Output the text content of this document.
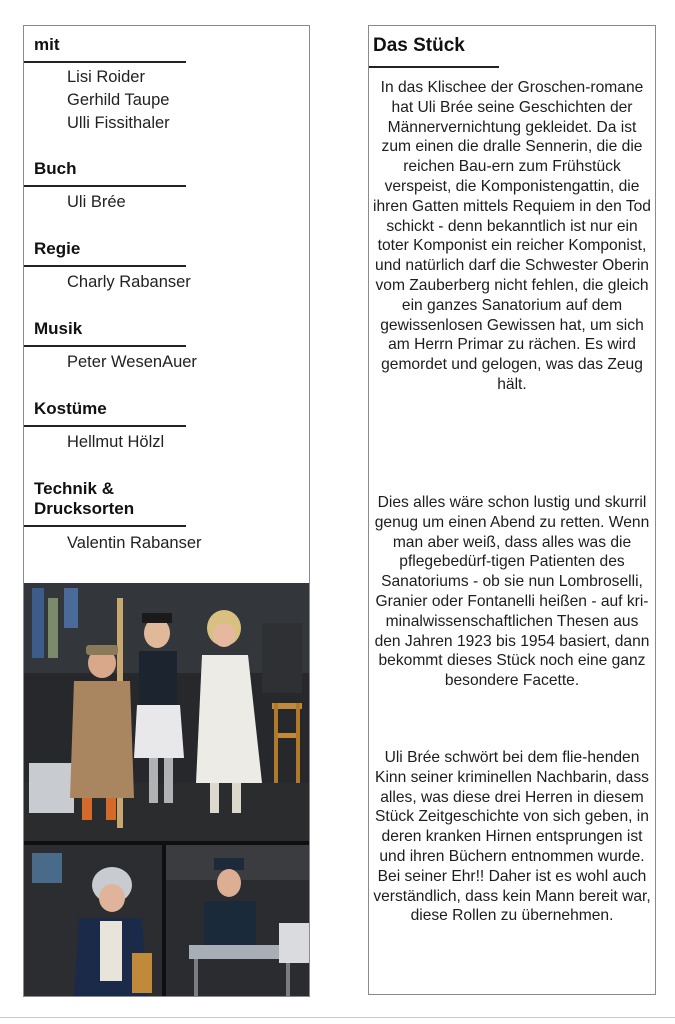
mit
Lisi Roider
Gerhild Taupe
Ulli Fissithaler
Buch
Uli Brée
Regie
Charly Rabanser
Musik
Peter WesenAuer
Kostüme
Hellmut Hölzl
Technik & Drucksorten
Valentin Rabanser
Das Stück
In das Klischee der Groschen-romane hat Uli Brée seine Geschichten der Männervernichtung gekleidet. Da ist zum einen die dralle Sennerin, die die reichen Bau-ern zum Frühstück verspeist, die Komponistengattin, die ihren Gatten mittels Requiem in den Tod schickt - denn bekanntlich ist nur ein toter Komponist ein reicher Komponist, und natürlich darf die Schwester Oberin vom Zauberberg nicht fehlen, die gleich ein ganzes Sanatorium auf dem gewissenlosen Gewissen hat, um sich am Herrn Primar zu rächen. Es wird gemordet und gelogen, was das Zeug hält.
Dies alles wäre schon lustig und skurril genug um einen Abend zu retten. Wenn man aber weiß, dass alles was die pflegebedürf-tigen Patienten des Sanatoriums - ob sie nun Lombroselli, Granier oder Fontanelli heißen - auf kri-minalwissenschaftlichen Thesen aus den Jahren 1923 bis 1954 basiert, dann bekommt dieses Stück noch eine ganz besondere Facette.
Uli Brée schwört bei dem flie-henden Kinn seiner kriminellen Nachbarin, dass alles, was diese drei Herren in diesem Stück Zeitgeschichte von sich geben, in deren kranken Hirnen entsprungen ist und ihren Büchern entnommen wurde. Bei seiner Ehr!! Daher ist es wohl auch verständlich, dass kein Mann bereit war, diese Rollen zu übernehmen.
